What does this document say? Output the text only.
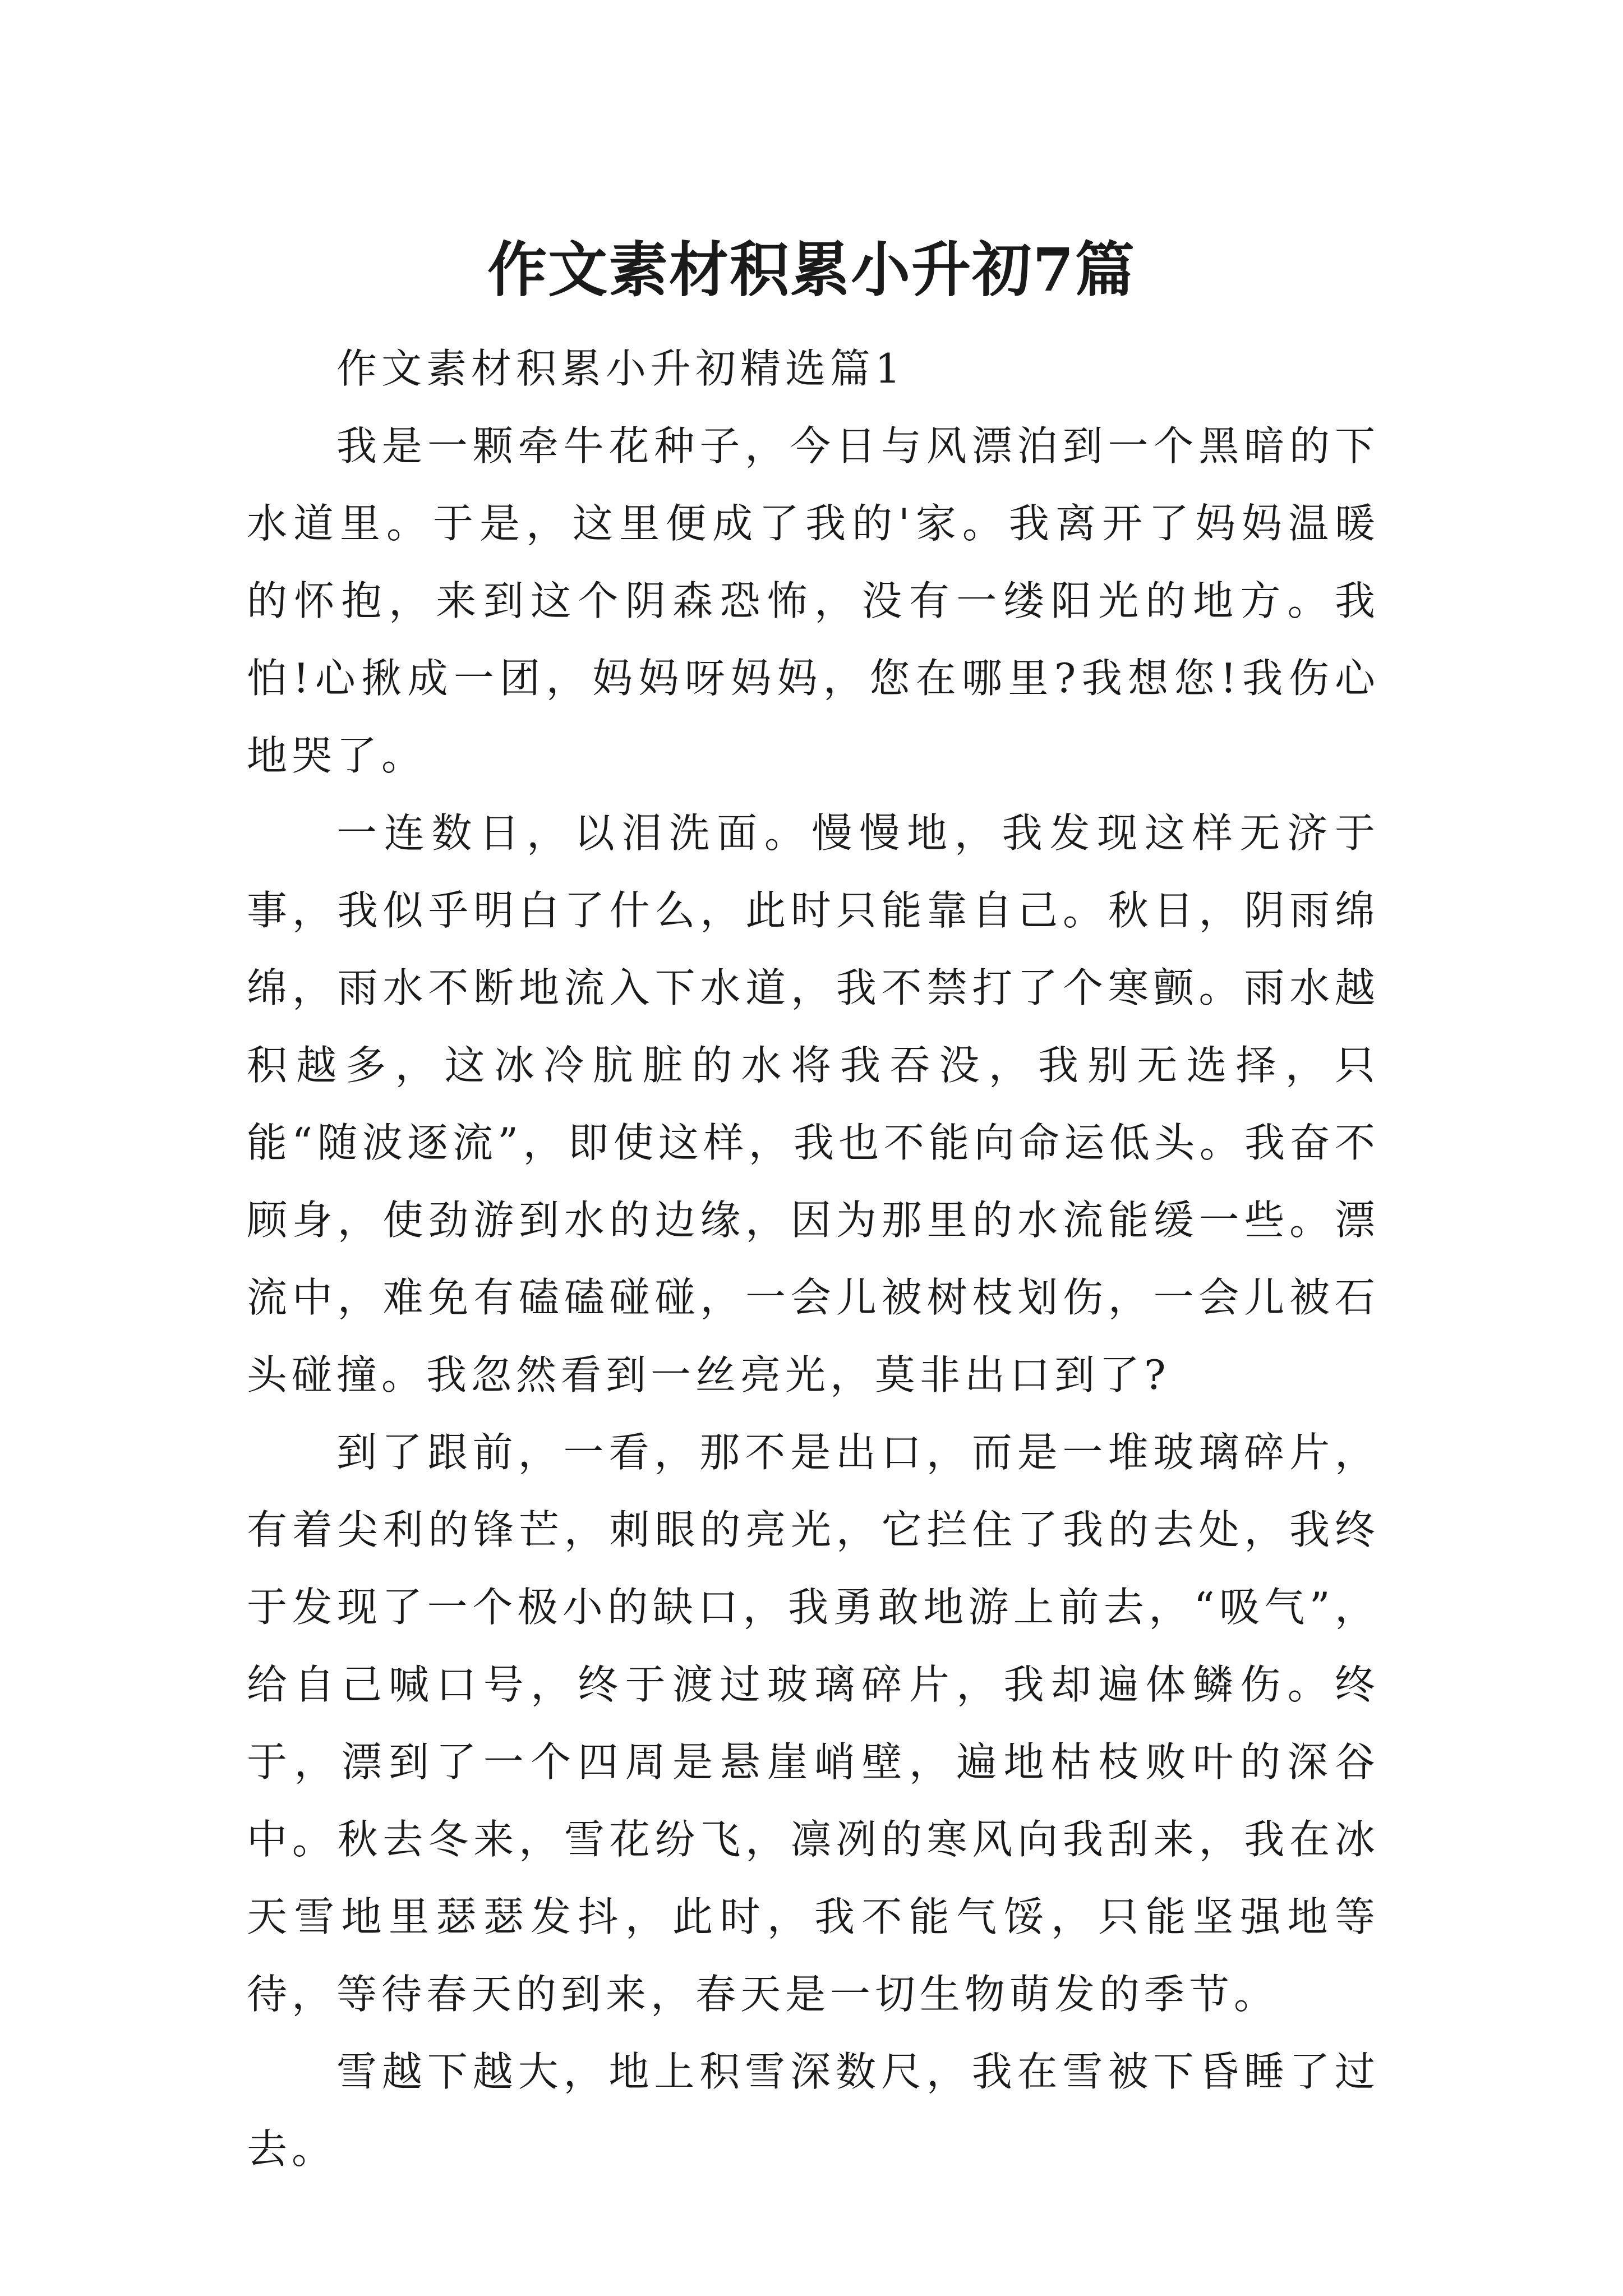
作文素材积累小升初7篇

作文素材积累小升初精选篇1

我是一颗牵牛花种子，今日与风漂泊到一个黑暗的下水道里。于是，这里便成了我的'家。我离开了妈妈温暖的怀抱，来到这个阴森恐怖，没有一缕阳光的地方。我怕!心揪成一团，妈妈呀妈妈，您在哪里?我想您!我伤心地哭了。

一连数日，以泪洗面。慢慢地，我发现这样无济于事，我似乎明白了什么，此时只能靠自己。秋日，阴雨绵绵，雨水不断地流入下水道，我不禁打了个寒颤。雨水越积越多，这冰冷肮脏的水将我吞没，我别无选择，只能“随波逐流”，即使这样，我也不能向命运低头。我奋不顾身，使劲游到水的边缘，因为那里的水流能缓一些。漂流中，难免有磕磕碰碰，一会儿被树枝划伤，一会儿被石头碰撞。我忽然看到一丝亮光，莫非出口到了?

到了跟前，一看，那不是出口，而是一堆玻璃碎片，有着尖利的锋芒，刺眼的亮光，它拦住了我的去处，我终于发现了一个极小的缺口，我勇敢地游上前去，“吸气”，给自己喊口号，终于渡过玻璃碎片，我却遍体鳞伤。终于，漂到了一个四周是悬崖峭壁，遍地枯枝败叶的深谷中。秋去冬来，雪花纷飞，凛冽的寒风向我刮来，我在冰天雪地里瑟瑟发抖，此时，我不能气馁，只能坚强地等待，等待春天的到来，春天是一切生物萌发的季节。

雪越下越大，地上积雪深数尺，我在雪被下昏睡了过去。
